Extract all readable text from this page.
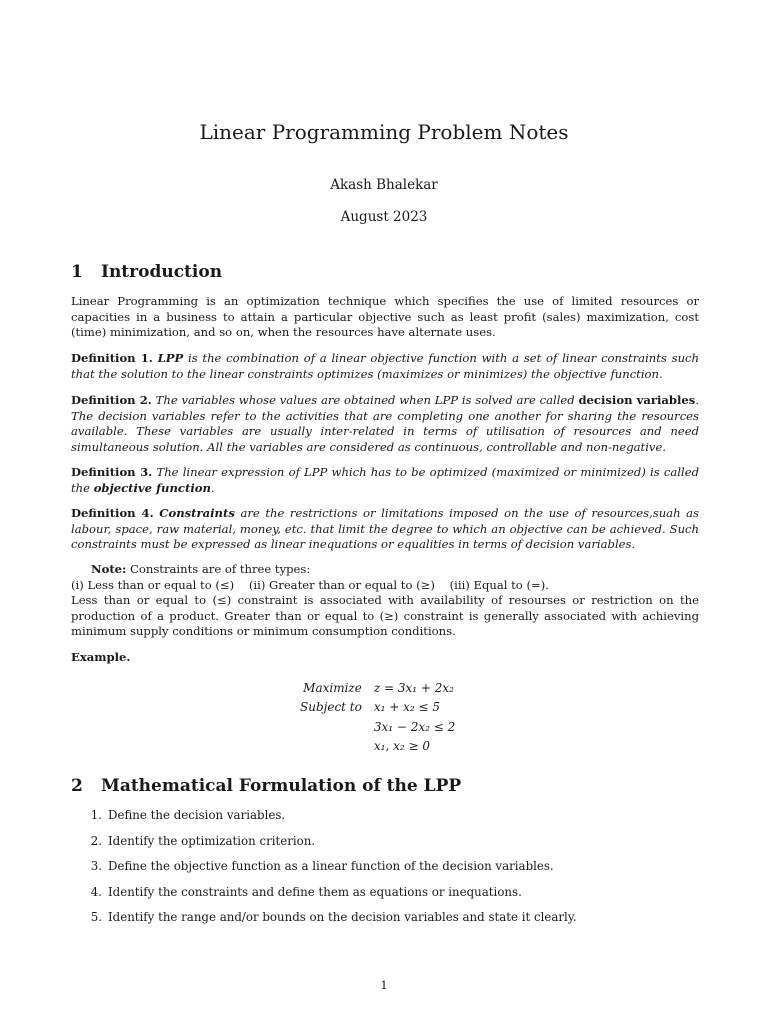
Linear Programming Problem Notes
Akash Bhalekar
August 2023
1 Introduction
Linear Programming is an optimization technique which specifies the use of limited resources or capacities in a business to attain a particular objective such as least profit (sales) maximization, cost (time) minimization, and so on, when the resources have alternate uses.
Definition 1. LPP is the combination of a linear objective function with a set of linear constraints such that the solution to the linear constraints optimizes (maximizes or minimizes) the objective function.
Definition 2. The variables whose values are obtained when LPP is solved are called decision variables. The decision variables refer to the activities that are completing one another for sharing the resources available. These variables are usually inter-related in terms of utilisation of resources and need simultaneous solution. All the variables are considered as continuous, controllable and non-negative.
Definition 3. The linear expression of LPP which has to be optimized (maximized or minimized) is called the objective function.
Definition 4. Constraints are the restrictions or limitations imposed on the use of resources,suah as labour, space, raw material, money, etc. that limit the degree to which an objective can be achieved. Such constraints must be expressed as linear inequations or equalities in terms of decision variables.
Note: Constraints are of three types:
(i) Less than or equal to (≤) (ii) Greater than or equal to (≥) (iii) Equal to (=).
Less than or equal to (≤) constraint is associated with availability of resourses or restriction on the production of a product. Greater than or equal to (≥) constraint is generally associated with achieving minimum supply conditions or minimum consumption conditions.
Example.
Maximize	z = 3x₁ + 2x₂
Subject to	x₁ + x₂ ≤ 5
	3x₁ − 2x₂ ≤ 2
	x₁, x₂ ≥ 0
2 Mathematical Formulation of the LPP
1. Define the decision variables.
2. Identify the optimization criterion.
3. Define the objective function as a linear function of the decision variables.
4. Identify the constraints and define them as equations or inequations.
5. Identify the range and/or bounds on the decision variables and state it clearly.
1
